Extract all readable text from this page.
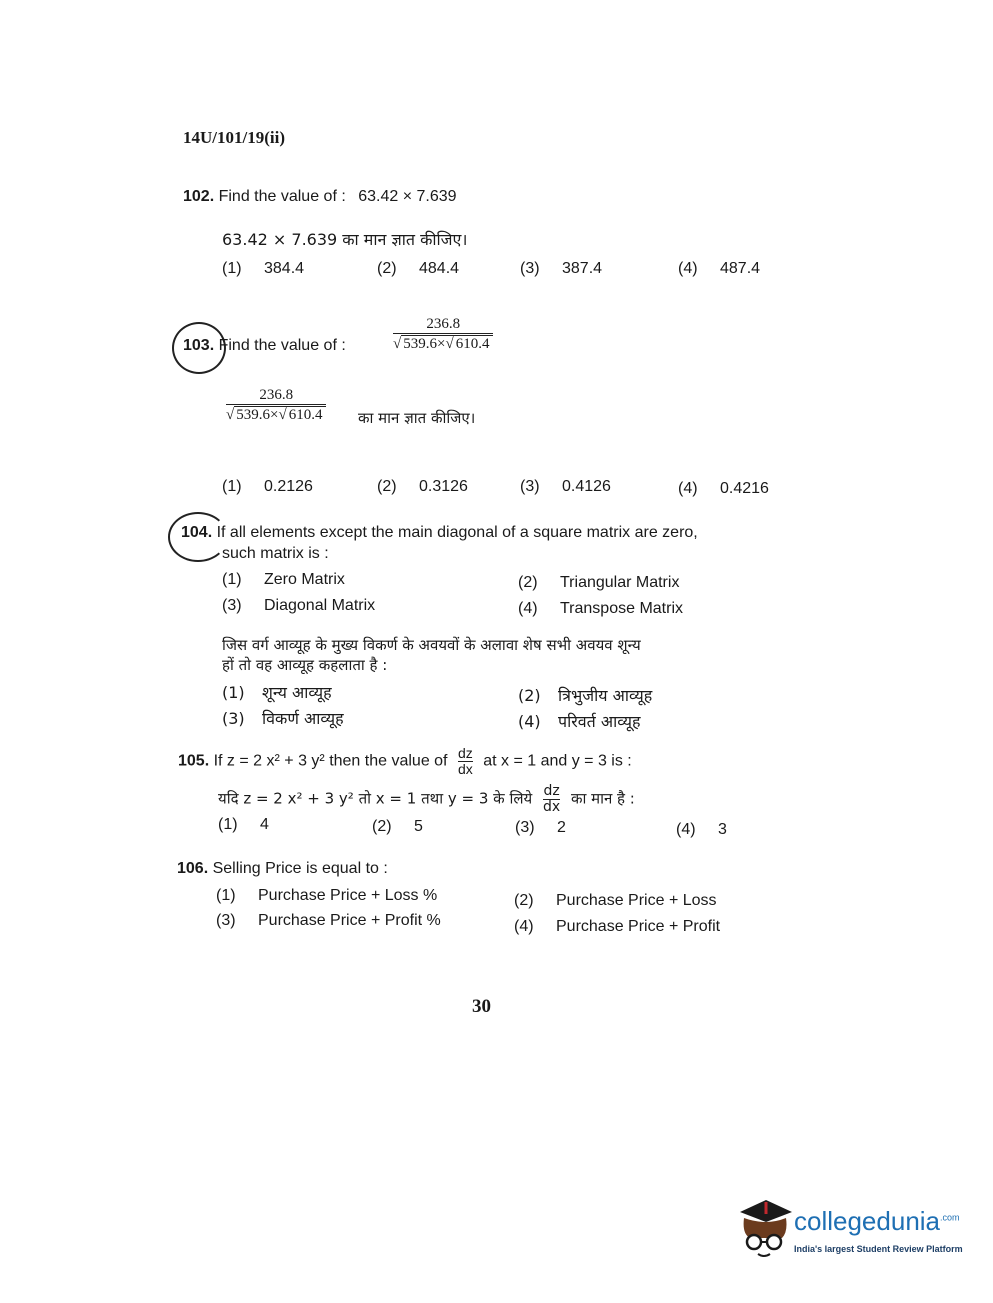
14U/101/19(ii)
102. Find the value of : 63.42 × 7.639
63.42 × 7.639 का मान ज्ञात कीजिए।
(1) 384.4	(2) 484.4	(3) 387.4	(4) 487.4
103. Find the value of :	$\frac{236.8}{√ 539.6\times√ 610.4}$
$\frac{236.8}{√ 539.6\times√ 610.4}$ का मान ज्ञात कीजिए।
(1) 0.2126	(2) 0.3126	(3) 0.4126	(4) 0.4216
104. If all elements except the main diagonal of a square matrix are zero,
such matrix is :
(1) Zero Matrix	(2) Triangular Matrix
(3) Diagonal Matrix	(4) Transpose Matrix
जिस वर्ग आव्यूह के मुख्य विकर्ण के अवयवों के अलावा शेष सभी अवयव शून्य
हों तो वह आव्यूह कहलाता है :
(1) शून्य आव्यूह	(2) त्रिभुजीय आव्यूह
(3) विकर्ण आव्यूह	(4) परिवर्त आव्यूह
105. If z = 2 x² + 3 y² then the value of $\frac{dz}{dx}$ at x = 1 and y = 3 is :
यदि z = 2 x² + 3 y² तो x = 1 तथा y = 3 के लिये $\frac{dz}{dx}$ का मान है :
(1) 4	(2) 5	(3) 2	(4) 3
106. Selling Price is equal to :
(1) Purchase Price + Loss %	(2) Purchase Price + Loss
(3) Purchase Price + Profit %	(4) Purchase Price + Profit
30
collegedunia$^{.com}$
India's largest Student Review Platform
